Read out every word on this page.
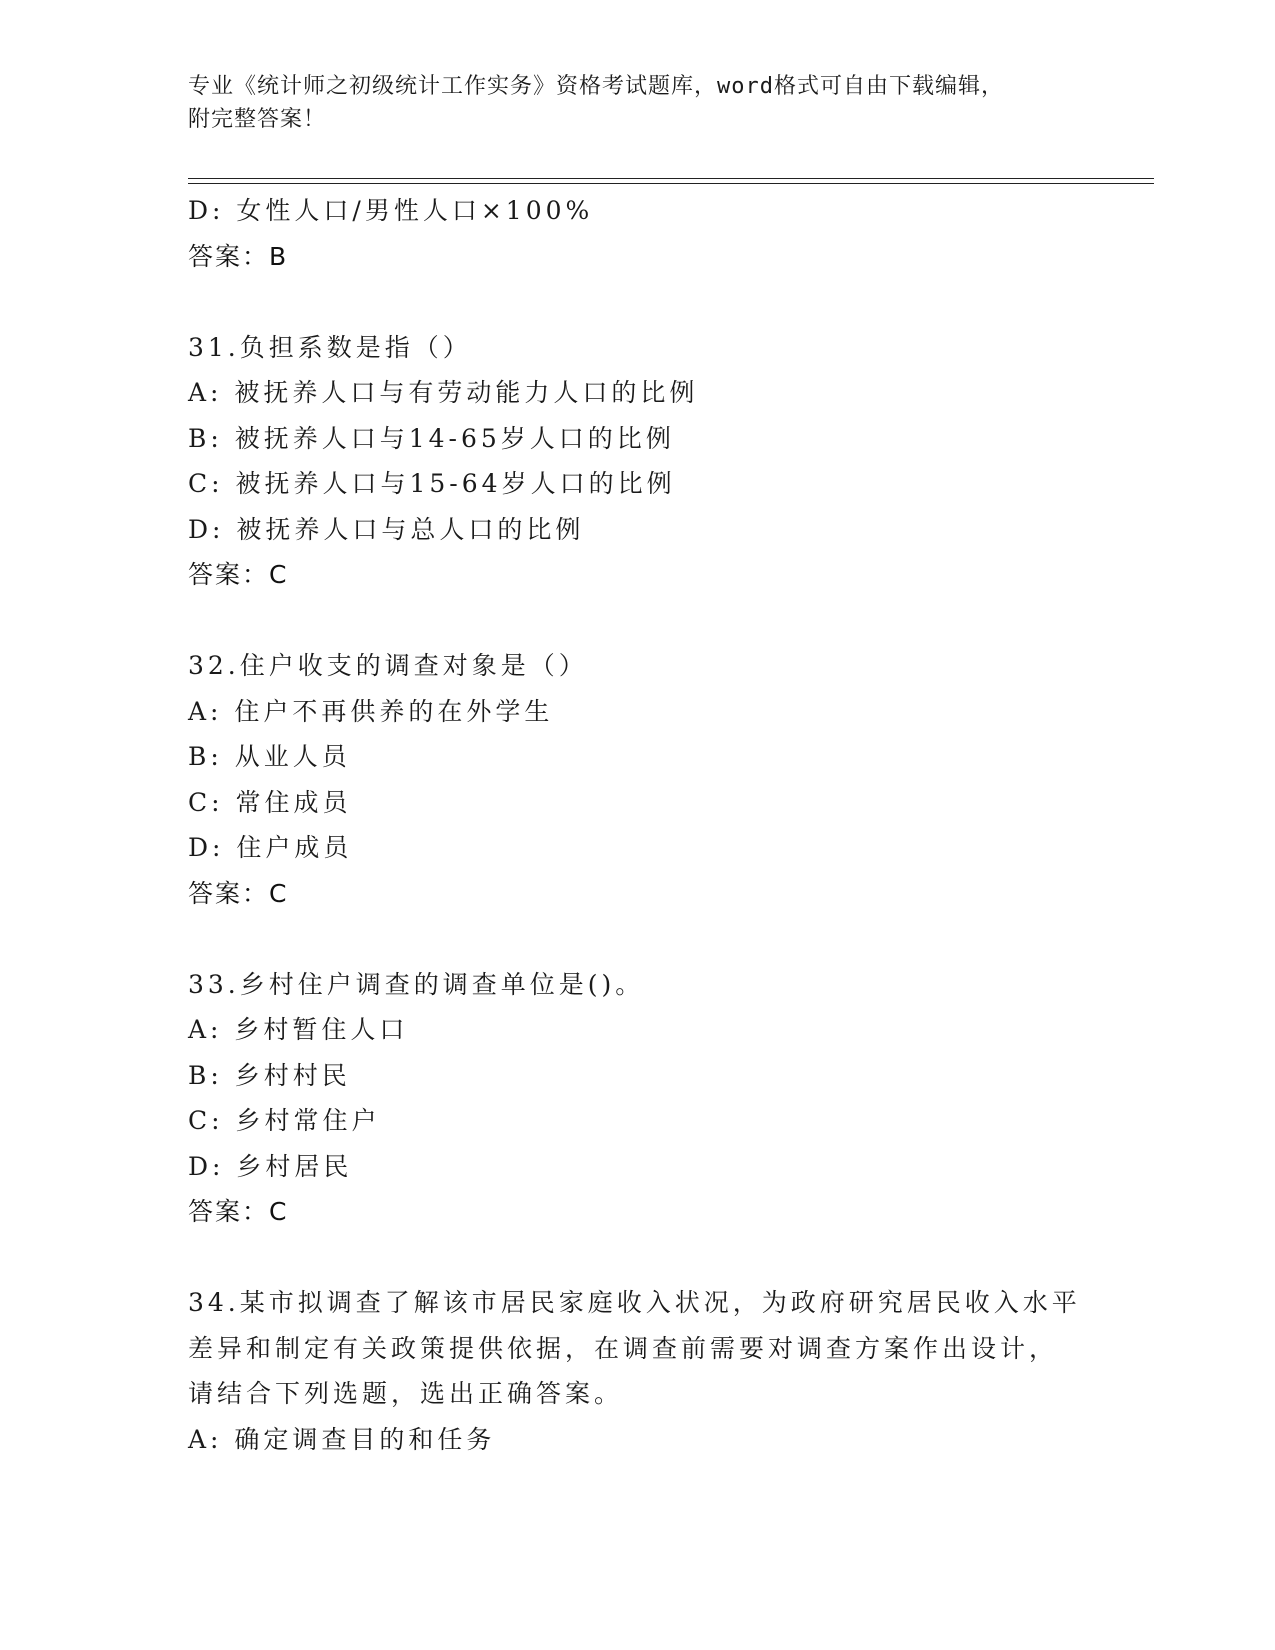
专业《统计师之初级统计工作实务》资格考试题库，word格式可自由下载编辑，
附完整答案！
D: 女性人口/男性人口×100%
答案：B
31.负担系数是指（）
A: 被抚养人口与有劳动能力人口的比例
B: 被抚养人口与14-65岁人口的比例
C: 被抚养人口与15-64岁人口的比例
D: 被抚养人口与总人口的比例
答案：C
32.住户收支的调查对象是（）
A: 住户不再供养的在外学生
B: 从业人员
C: 常住成员
D: 住户成员
答案：C
33.乡村住户调查的调查单位是()。
A: 乡村暂住人口
B: 乡村村民
C: 乡村常住户
D: 乡村居民
答案：C
34.某市拟调查了解该市居民家庭收入状况，为政府研究居民收入水平
差异和制定有关政策提供依据，在调查前需要对调查方案作出设计，
请结合下列选题，选出正确答案。
A: 确定调查目的和任务
